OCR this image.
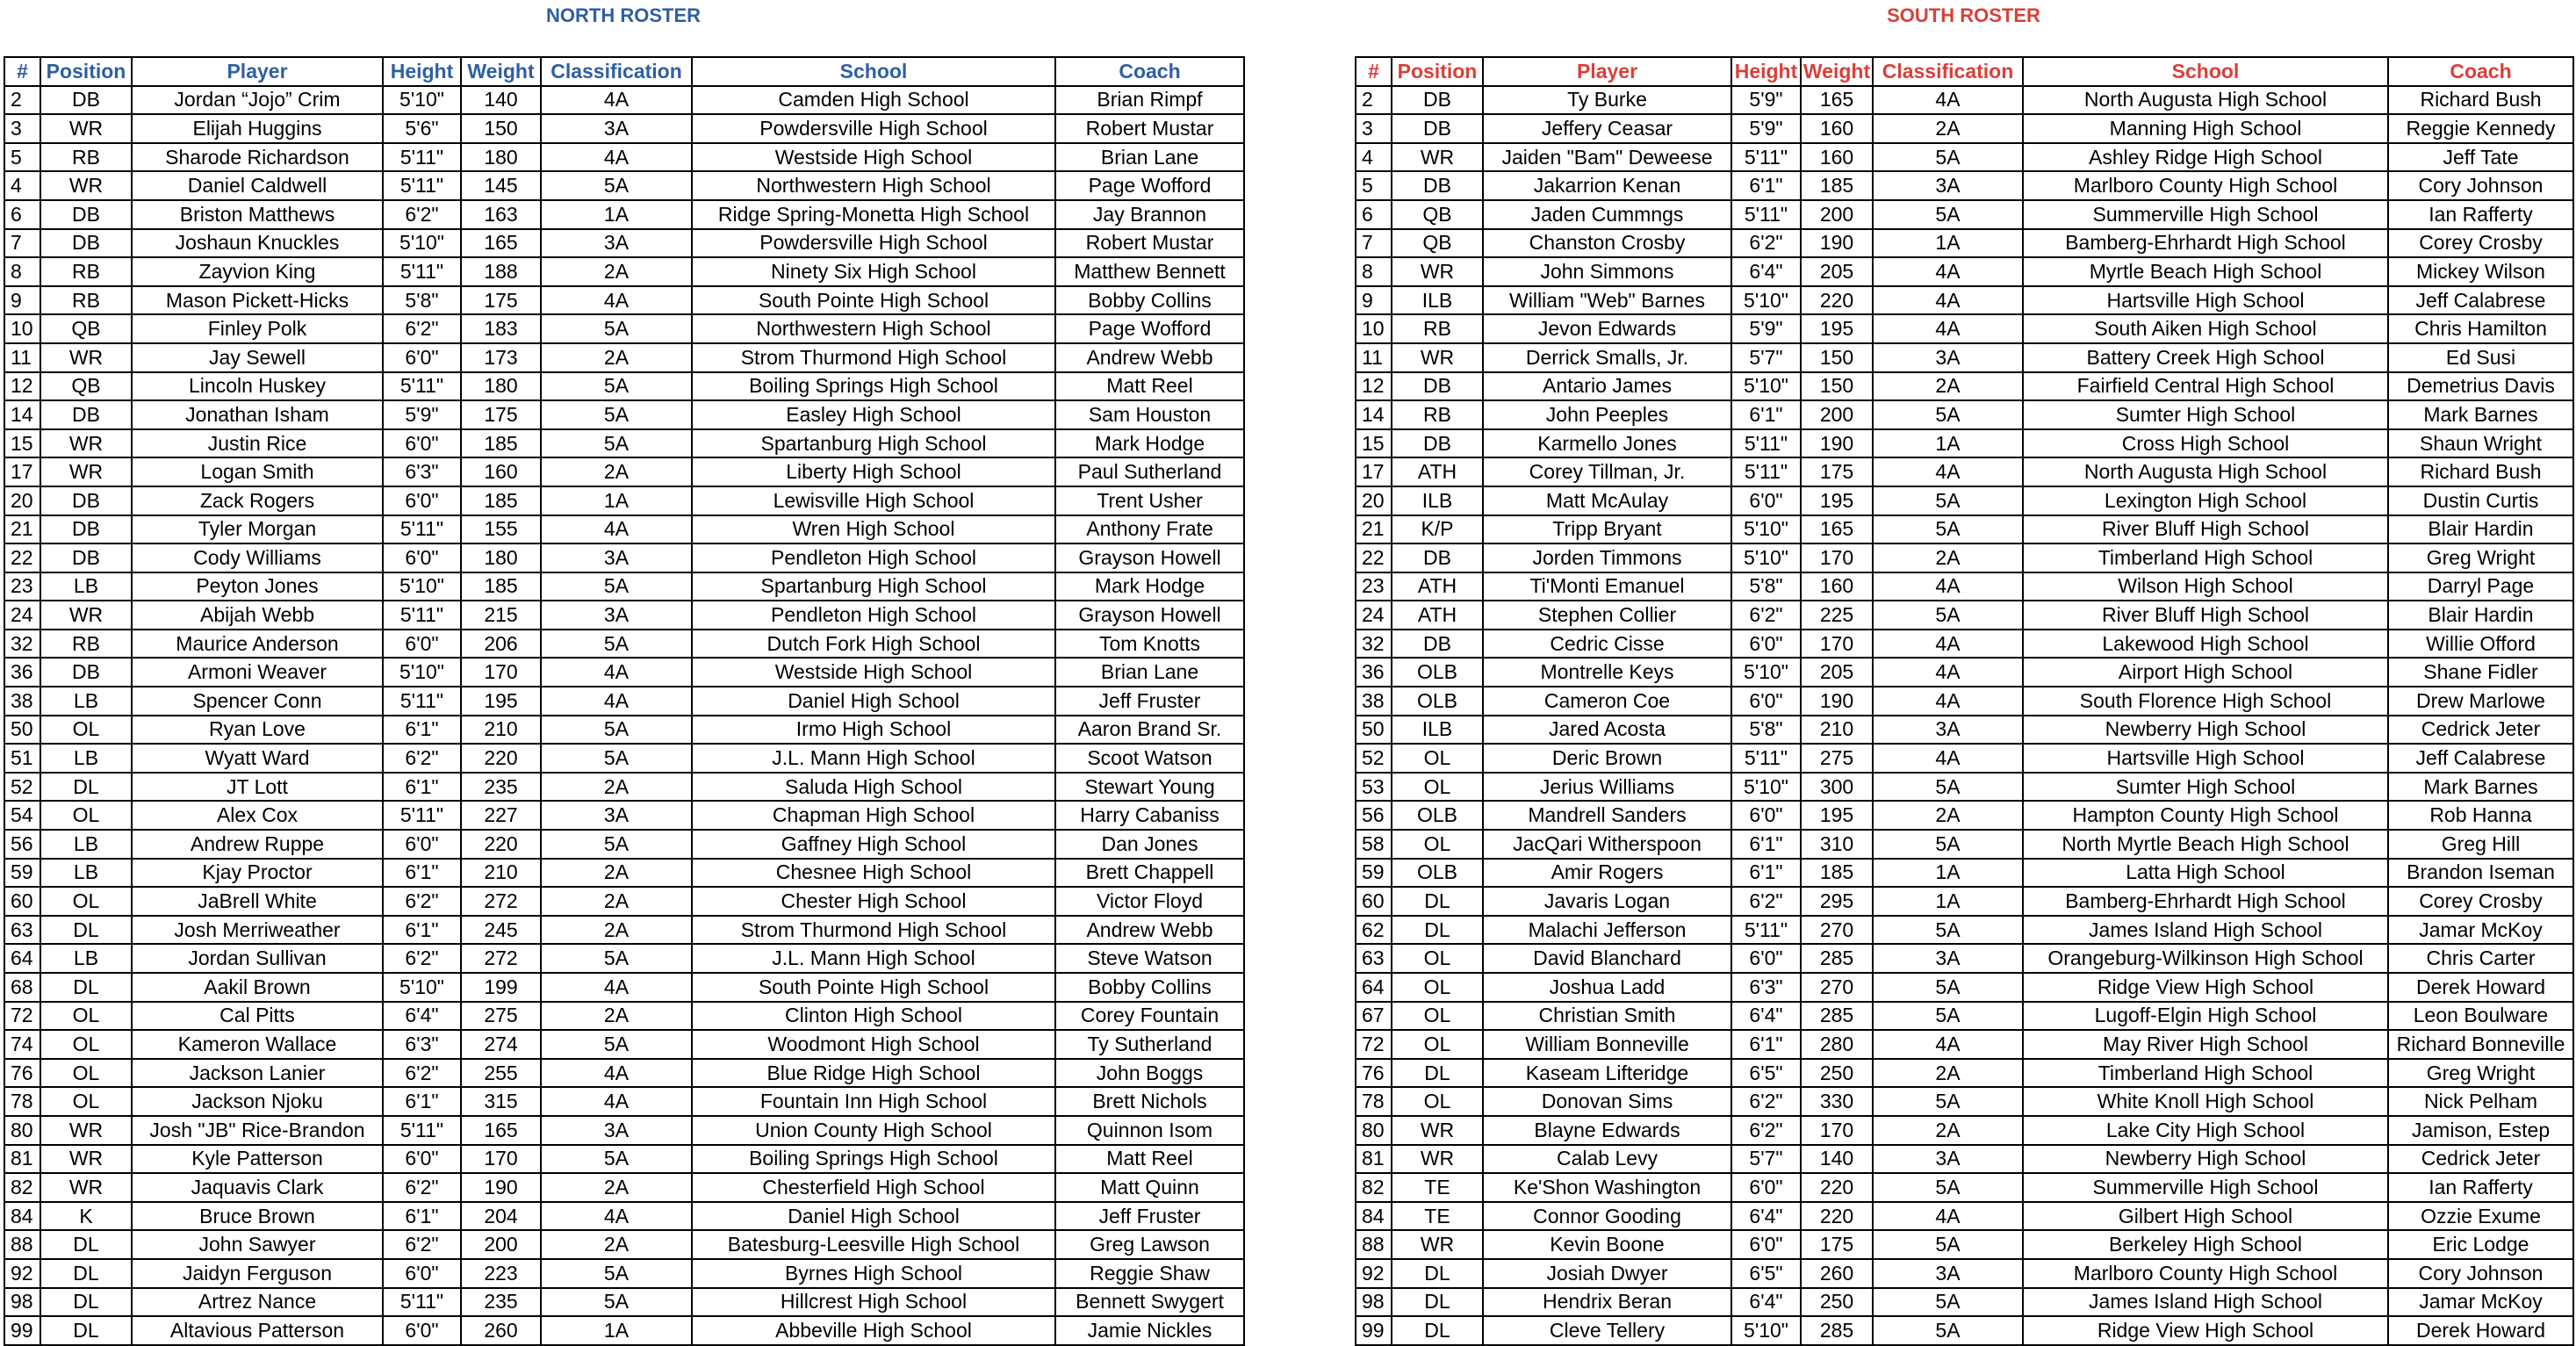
NORTH ROSTER
#	Position	Player	Height	Weight	Classification	School	Coach
2	DB	Jordan “Jojo” Crim	5'10"	140	4A	Camden High School	Brian Rimpf
3	WR	Elijah Huggins	5'6"	150	3A	Powdersville High School	Robert Mustar
5	RB	Sharode Richardson	5'11"	180	4A	Westside High School	Brian Lane
4	WR	Daniel Caldwell	5'11"	145	5A	Northwestern High School	Page Wofford
6	DB	Briston Matthews	6'2"	163	1A	Ridge Spring-Monetta High School	Jay Brannon
7	DB	Joshaun Knuckles	5'10"	165	3A	Powdersville High School	Robert Mustar
8	RB	Zayvion King	5'11"	188	2A	Ninety Six High School	Matthew Bennett
9	RB	Mason Pickett-Hicks	5'8"	175	4A	South Pointe High School	Bobby Collins
10	QB	Finley Polk	6'2"	183	5A	Northwestern High School	Page Wofford
11	WR	Jay Sewell	6'0"	173	2A	Strom Thurmond High School	Andrew Webb
12	QB	Lincoln Huskey	5'11"	180	5A	Boiling Springs High School	Matt Reel
14	DB	Jonathan Isham	5'9"	175	5A	Easley High School	Sam Houston
15	WR	Justin Rice	6'0"	185	5A	Spartanburg High School	Mark Hodge
17	WR	Logan Smith	6'3"	160	2A	Liberty High School	Paul Sutherland
20	DB	Zack Rogers	6'0"	185	1A	Lewisville High School	Trent Usher
21	DB	Tyler Morgan	5'11"	155	4A	Wren High School	Anthony Frate
22	DB	Cody Williams	6'0"	180	3A	Pendleton High School	Grayson Howell
23	LB	Peyton Jones	5'10"	185	5A	Spartanburg High School	Mark Hodge
24	WR	Abijah Webb	5'11"	215	3A	Pendleton High School	Grayson Howell
32	RB	Maurice Anderson	6'0"	206	5A	Dutch Fork High School	Tom Knotts
36	DB	Armoni Weaver	5'10"	170	4A	Westside High School	Brian Lane
38	LB	Spencer Conn	5'11"	195	4A	Daniel High School	Jeff Fruster
50	OL	Ryan Love	6'1"	210	5A	Irmo High School	Aaron Brand Sr.
51	LB	Wyatt Ward	6'2"	220	5A	J.L. Mann High School	Scoot Watson
52	DL	JT Lott	6'1"	235	2A	Saluda High School	Stewart Young
54	OL	Alex Cox	5'11"	227	3A	Chapman High School	Harry Cabaniss
56	LB	Andrew Ruppe	6'0"	220	5A	Gaffney High School	Dan Jones
59	LB	Kjay Proctor	6'1"	210	2A	Chesnee High School	Brett Chappell
60	OL	JaBrell White	6'2"	272	2A	Chester High School	Victor Floyd
63	DL	Josh Merriweather	6'1"	245	2A	Strom Thurmond High School	Andrew Webb
64	LB	Jordan Sullivan	6'2"	272	5A	J.L. Mann High School	Steve Watson
68	DL	Aakil Brown	5'10"	199	4A	South Pointe High School	Bobby Collins
72	OL	Cal Pitts	6'4"	275	2A	Clinton High School	Corey Fountain
74	OL	Kameron Wallace	6'3"	274	5A	Woodmont High School	Ty Sutherland
76	OL	Jackson Lanier	6'2"	255	4A	Blue Ridge High School	John Boggs
78	OL	Jackson Njoku	6'1"	315	4A	Fountain Inn High School	Brett Nichols
80	WR	Josh "JB" Rice-Brandon	5'11"	165	3A	Union County High School	Quinnon Isom
81	WR	Kyle Patterson	6'0"	170	5A	Boiling Springs High School	Matt Reel
82	WR	Jaquavis Clark	6'2"	190	2A	Chesterfield High School	Matt Quinn
84	K	Bruce Brown	6'1"	204	4A	Daniel High School	Jeff Fruster
88	DL	John Sawyer	6'2"	200	2A	Batesburg-Leesville High School	Greg Lawson
92	DL	Jaidyn Ferguson	6'0"	223	5A	Byrnes High School	Reggie Shaw
98	DL	Artrez Nance	5'11"	235	5A	Hillcrest High School	Bennett Swygert
99	DL	Altavious Patterson	6'0"	260	1A	Abbeville High School	Jamie Nickles
SOUTH ROSTER
#	Position	Player	Height	Weight	Classification	School	Coach
2	DB	Ty Burke	5'9"	165	4A	North Augusta High School	Richard Bush
3	DB	Jeffery Ceasar	5'9"	160	2A	Manning High School	Reggie Kennedy
4	WR	Jaiden "Bam" Deweese	5'11"	160	5A	Ashley Ridge High School	Jeff Tate
5	DB	Jakarrion Kenan	6'1"	185	3A	Marlboro County High School	Cory Johnson
6	QB	Jaden Cummngs	5'11"	200	5A	Summerville High School	Ian Rafferty
7	QB	Chanston Crosby	6'2"	190	1A	Bamberg-Ehrhardt High School	Corey Crosby
8	WR	John Simmons	6'4"	205	4A	Myrtle Beach High School	Mickey Wilson
9	ILB	William "Web" Barnes	5'10"	220	4A	Hartsville High School	Jeff Calabrese
10	RB	Jevon Edwards	5'9"	195	4A	South Aiken High School	Chris Hamilton
11	WR	Derrick Smalls, Jr.	5'7"	150	3A	Battery Creek High School	Ed Susi
12	DB	Antario James	5'10"	150	2A	Fairfield Central High School	Demetrius Davis
14	RB	John Peeples	6'1"	200	5A	Sumter High School	Mark Barnes
15	DB	Karmello Jones	5'11"	190	1A	Cross High School	Shaun Wright
17	ATH	Corey Tillman, Jr.	5'11"	175	4A	North Augusta High School	Richard Bush
20	ILB	Matt McAulay	6'0"	195	5A	Lexington High School	Dustin Curtis
21	K/P	Tripp Bryant	5'10"	165	5A	River Bluff High School	Blair Hardin
22	DB	Jorden Timmons	5'10"	170	2A	Timberland High School	Greg Wright
23	ATH	Ti'Monti Emanuel	5'8"	160	4A	Wilson High School	Darryl Page
24	ATH	Stephen Collier	6'2"	225	5A	River Bluff High School	Blair Hardin
32	DB	Cedric Cisse	6'0"	170	4A	Lakewood High School	Willie Offord
36	OLB	Montrelle Keys	5'10"	205	4A	Airport High School	Shane Fidler
38	OLB	Cameron Coe	6'0"	190	4A	South Florence High School	Drew Marlowe
50	ILB	Jared Acosta	5'8"	210	3A	Newberry High School	Cedrick Jeter
52	OL	Deric Brown	5'11"	275	4A	Hartsville High School	Jeff Calabrese
53	OL	Jerius Williams	5'10"	300	5A	Sumter High School	Mark Barnes
56	OLB	Mandrell Sanders	6'0"	195	2A	Hampton County High School	Rob Hanna
58	OL	JacQari Witherspoon	6'1"	310	5A	North Myrtle Beach High School	Greg Hill
59	OLB	Amir Rogers	6'1"	185	1A	Latta High School	Brandon Iseman
60	DL	Javaris Logan	6'2"	295	1A	Bamberg-Ehrhardt High School	Corey Crosby
62	DL	Malachi Jefferson	5'11"	270	5A	James Island High School	Jamar McKoy
63	OL	David Blanchard	6'0"	285	3A	Orangeburg-Wilkinson High School	Chris Carter
64	OL	Joshua Ladd	6'3"	270	5A	Ridge View High School	Derek Howard
67	OL	Christian Smith	6'4"	285	5A	Lugoff-Elgin High School	Leon Boulware
72	OL	William Bonneville	6'1"	280	4A	May River High School	Richard Bonneville
76	DL	Kaseam Lifteridge	6'5"	250	2A	Timberland High School	Greg Wright
78	OL	Donovan Sims	6'2"	330	5A	White Knoll High School	Nick Pelham
80	WR	Blayne Edwards	6'2"	170	2A	Lake City High School	Jamison, Estep
81	WR	Calab Levy	5'7"	140	3A	Newberry High School	Cedrick Jeter
82	TE	Ke'Shon Washington	6'0"	220	5A	Summerville High School	Ian Rafferty
84	TE	Connor Gooding	6'4"	220	4A	Gilbert High School	Ozzie Exume
88	WR	Kevin Boone	6'0"	175	5A	Berkeley High School	Eric Lodge
92	DL	Josiah Dwyer	6'5"	260	3A	Marlboro County High School	Cory Johnson
98	DL	Hendrix Beran	6'4"	250	5A	James Island High School	Jamar McKoy
99	DL	Cleve Tellery	5'10"	285	5A	Ridge View High School	Derek Howard
